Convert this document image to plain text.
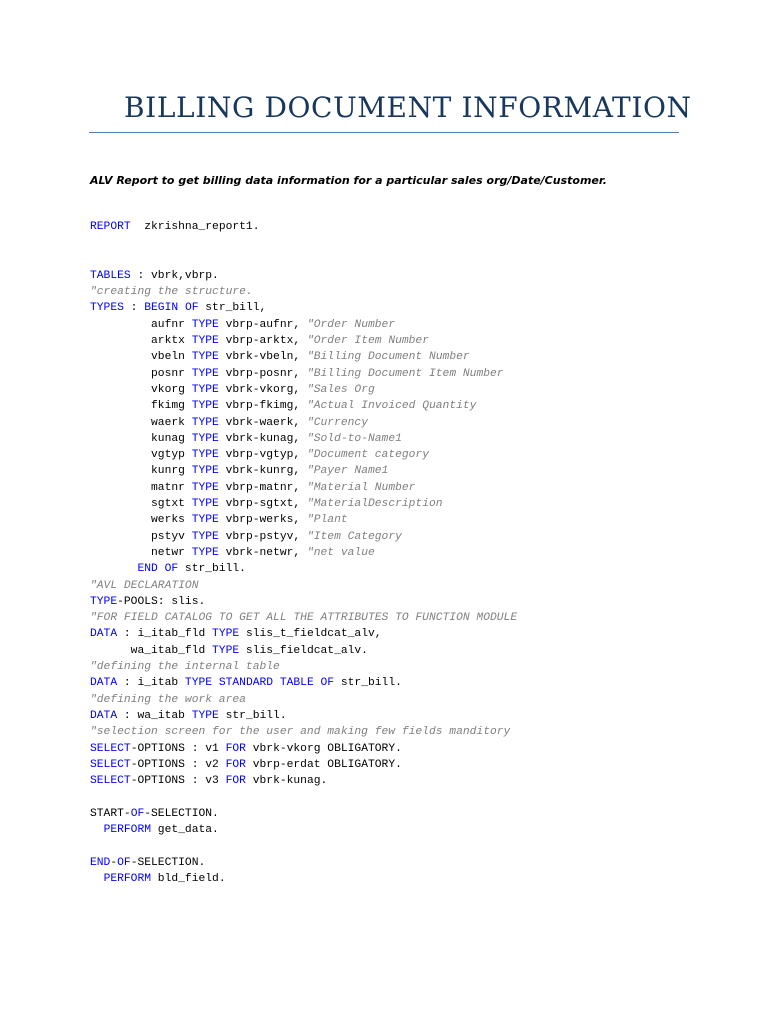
BILLING DOCUMENT INFORMATION

ALV Report to get billing data information for a particular sales org/Date/Customer.

REPORT  zkrishna_report1.

TABLES : vbrk,vbrp.
"creating the structure.
TYPES : BEGIN OF str_bill,
aufnr TYPE vbrp-aufnr, "Order Number
arktx TYPE vbrp-arktx, "Order Item Number
vbeln TYPE vbrk-vbeln, "Billing Document Number
posnr TYPE vbrp-posnr, "Billing Document Item Number
vkorg TYPE vbrk-vkorg, "Sales Org
fkimg TYPE vbrp-fkimg, "Actual Invoiced Quantity
waerk TYPE vbrk-waerk, "Currency
kunag TYPE vbrk-kunag, "Sold-to-Name1
vgtyp TYPE vbrp-vgtyp, "Document category
kunrg TYPE vbrk-kunrg, "Payer Name1
matnr TYPE vbrp-matnr, "Material Number
sgtxt TYPE vbrp-sgtxt, "MaterialDescription
werks TYPE vbrp-werks, "Plant
pstyv TYPE vbrp-pstyv, "Item Category
netwr TYPE vbrk-netwr, "net value
END OF str_bill.
"AVL DECLARATION
TYPE-POOLS: slis.
"FOR FIELD CATALOG TO GET ALL THE ATTRIBUTES TO FUNCTION MODULE
DATA : i_itab_fld TYPE slis_t_fieldcat_alv,
wa_itab_fld TYPE slis_fieldcat_alv.
"defining the internal table
DATA : i_itab TYPE STANDARD TABLE OF str_bill.
"defining the work area
DATA : wa_itab TYPE str_bill.
"selection screen for the user and making few fields manditory
SELECT-OPTIONS : v1 FOR vbrk-vkorg OBLIGATORY.
SELECT-OPTIONS : v2 FOR vbrp-erdat OBLIGATORY.
SELECT-OPTIONS : v3 FOR vbrk-kunag.

START-OF-SELECTION.
PERFORM get_data.

END-OF-SELECTION.
PERFORM bld_field.
